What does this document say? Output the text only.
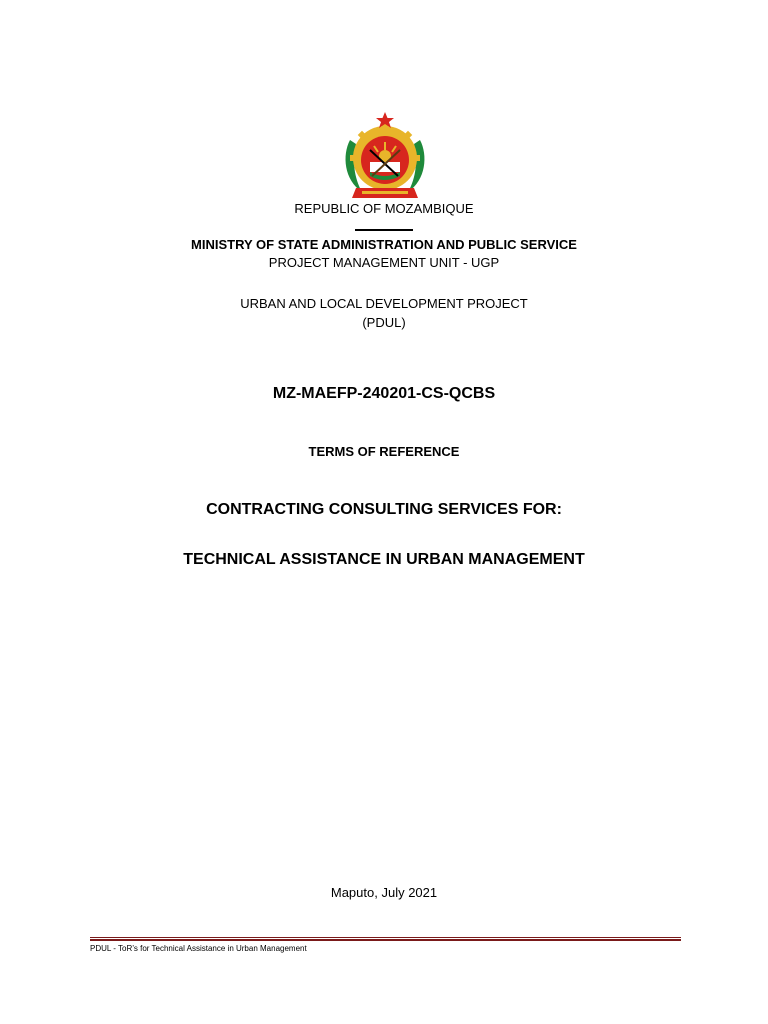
REPUBLIC OF MOZAMBIQUE
MINISTRY OF STATE ADMINISTRATION AND PUBLIC SERVICE
PROJECT MANAGEMENT UNIT - UGP
URBAN AND LOCAL DEVELOPMENT PROJECT
(PDUL)
MZ-MAEFP-240201-CS-QCBS
TERMS OF REFERENCE
CONTRACTING CONSULTING SERVICES FOR:
TECHNICAL ASSISTANCE IN URBAN MANAGEMENT
Maputo, July 2021
PDUL - ToR’s for Technical Assistance in Urban Management
